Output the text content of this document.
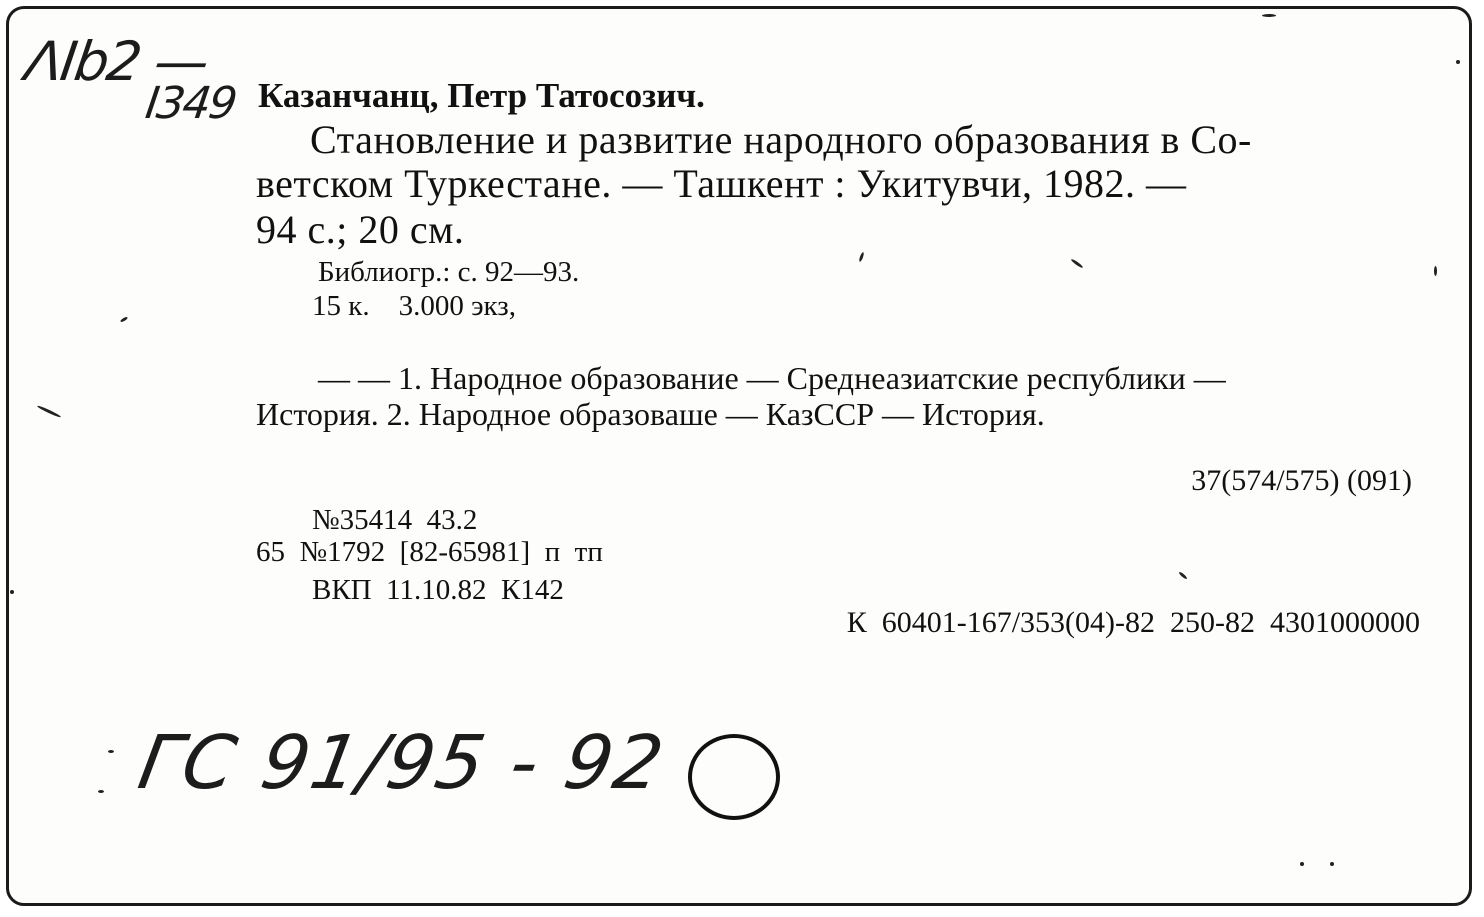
ΛIb2 —
I349 Казанчанц, Петр Татосозич.
Становление и развитие народного образования в Со-
ветском Туркестане. — Ташкент : Укитувчи, 1982. —
94 с.; 20 см.
Библиогр.: с. 92—93.
15 к.    3.000 экз,
— — 1. Народное образование — Среднеазиатские республики —
История. 2. Народное образоваше — КазССР — История.
37(574/575) (091)
№35414  43.2
65  №1792  [82-65981]  п  тп
ВКП  11.10.82  К142
К  60401-167/353(04)-82  250-82  4301000000
ГС 91/95 - 92
